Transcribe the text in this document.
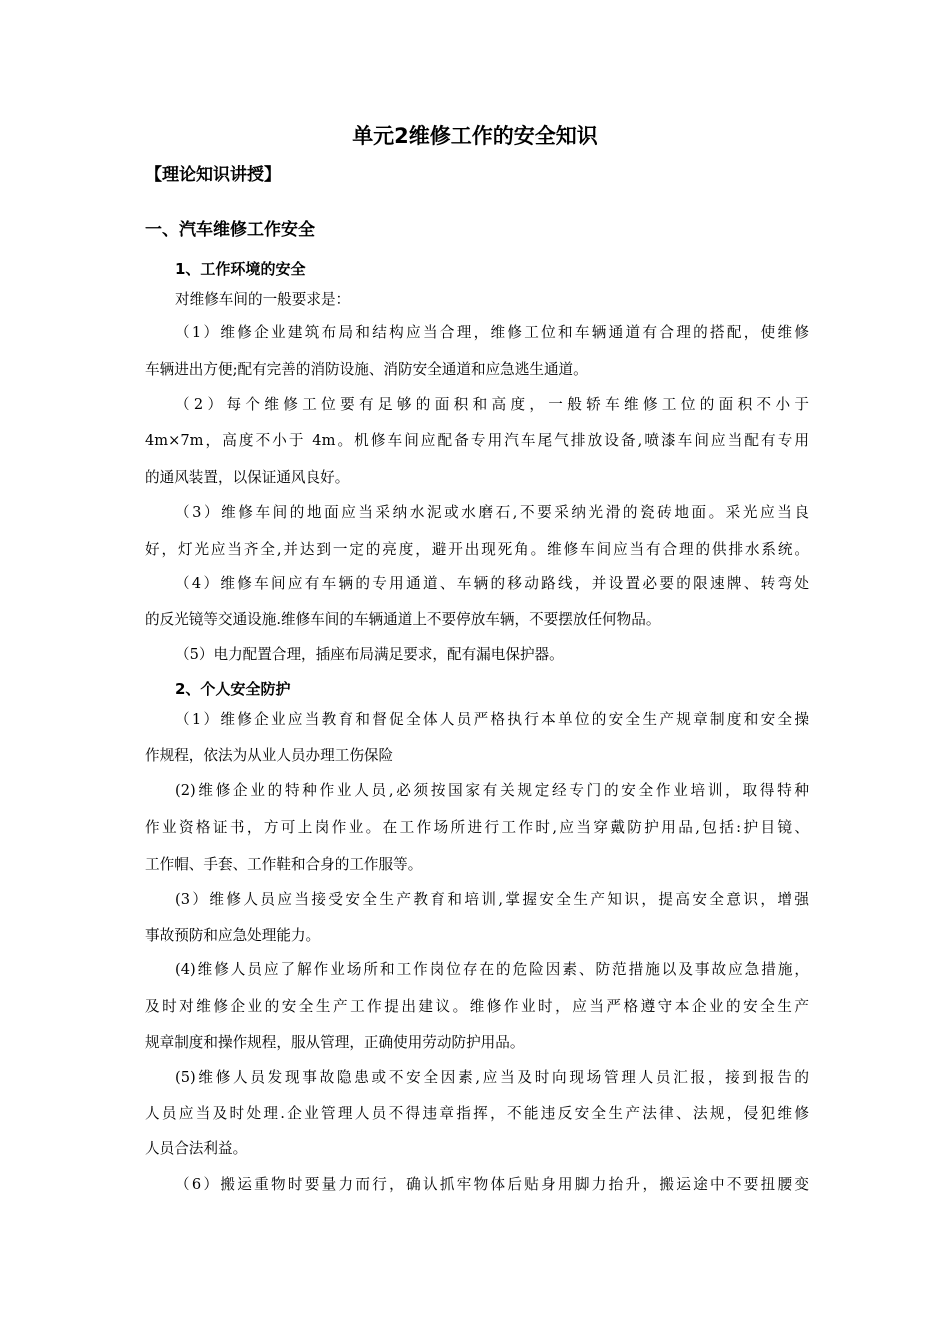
单元2维修工作的安全知识
【理论知识讲授】
一、汽车维修工作安全
1、工作环境的安全
对维修车间的一般要求是：
（1）维修企业建筑布局和结构应当合理，维修工位和车辆通道有合理的搭配，使维修
车辆进出方便;配有完善的消防设施、消防安全通道和应急逃生通道。
（2）每个维修工位要有足够的面积和高度，一般轿车维修工位的面积不小于
4m×7m，高度不小于 4m。机修车间应配备专用汽车尾气排放设备,喷漆车间应当配有专用
的通风装置，以保证通风良好。
（3）维修车间的地面应当采纳水泥或水磨石,不要采纳光滑的瓷砖地面。采光应当良
好，灯光应当齐全,并达到一定的亮度，避开出现死角。维修车间应当有合理的供排水系统。
（4）维修车间应有车辆的专用通道、车辆的移动路线，并设置必要的限速牌、转弯处
的反光镜等交通设施.维修车间的车辆通道上不要停放车辆，不要摆放任何物品。
（5）电力配置合理，插座布局满足要求，配有漏电保护器。
2、个人安全防护
（1）维修企业应当教育和督促全体人员严格执行本单位的安全生产规章制度和安全操
作规程，依法为从业人员办理工伤保险
(2)维修企业的特种作业人员,必须按国家有关规定经专门的安全作业培训，取得特种
作业资格证书，方可上岗作业。在工作场所进行工作时,应当穿戴防护用品,包括:护目镜、
工作帽、手套、工作鞋和合身的工作服等。
(3）维修人员应当接受安全生产教育和培训,掌握安全生产知识，提高安全意识，增强
事故预防和应急处理能力。
(4)维修人员应了解作业场所和工作岗位存在的危险因素、防范措施以及事故应急措施，
及时对维修企业的安全生产工作提出建议。维修作业时，应当严格遵守本企业的安全生产
规章制度和操作规程，服从管理，正确使用劳动防护用品。
(5)维修人员发现事故隐患或不安全因素,应当及时向现场管理人员汇报，接到报告的
人员应当及时处理.企业管理人员不得违章指挥，不能违反安全生产法律、法规，侵犯维修
人员合法利益。
（6）搬运重物时要量力而行，确认抓牢物体后贴身用脚力抬升，搬运途中不要扭腰变
